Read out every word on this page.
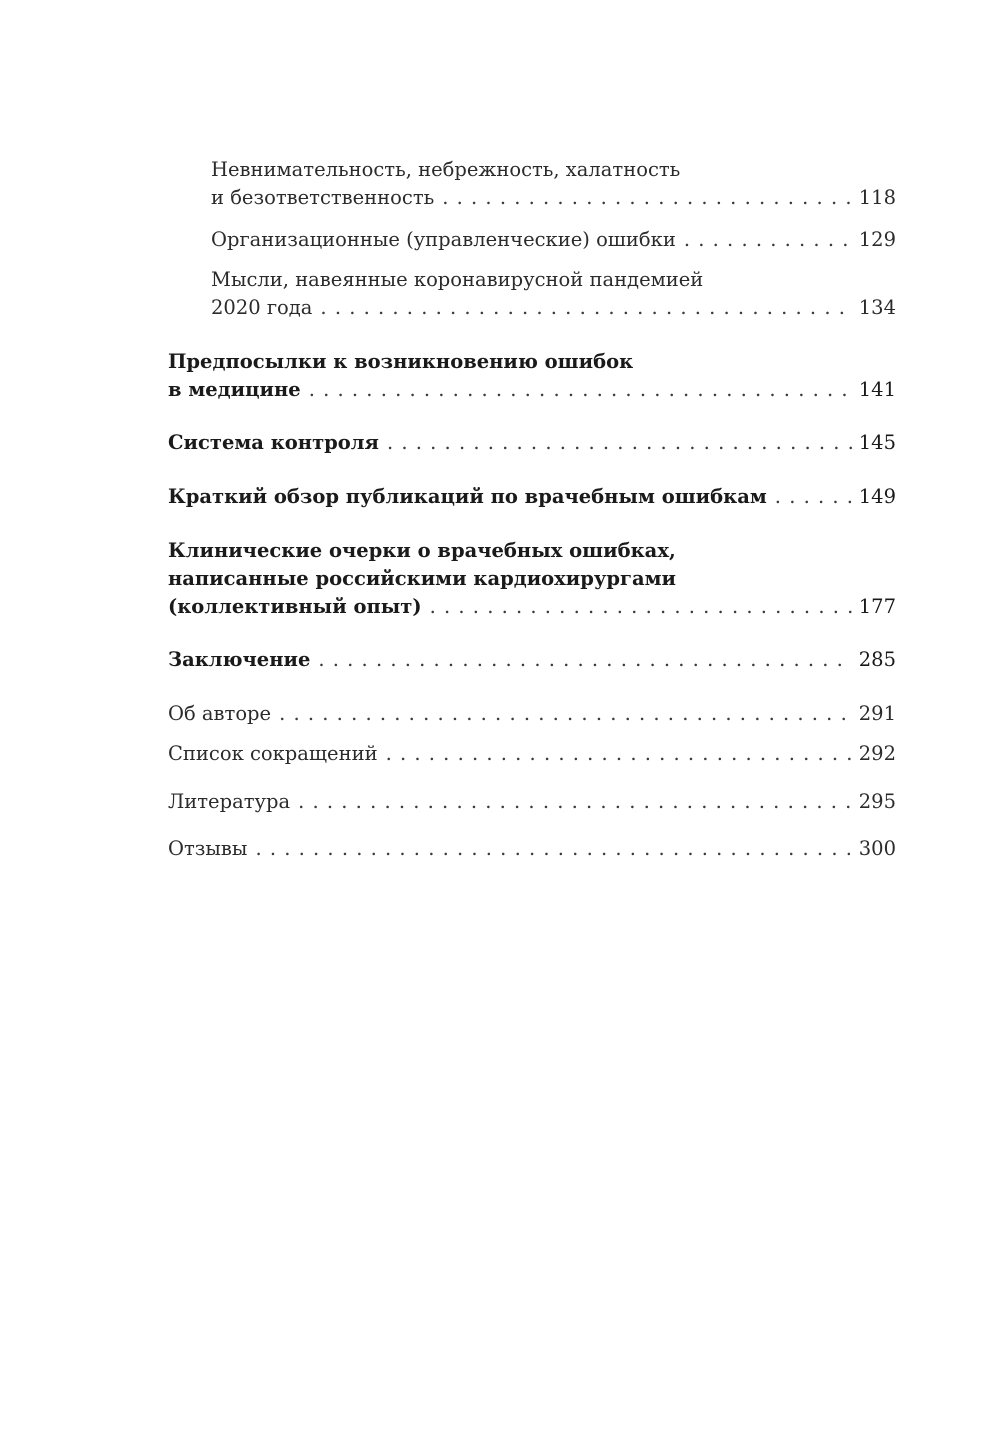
Невнимательность, небрежность, халатность
и безответственность . . .	118
Организационные (управленческие) ошибки . . .	129
Мысли, навеянные коронавирусной пандемией
2020 года . . .	134
Предпосылки к возникновению ошибок
в медицине . . .	141
Система контроля . . .	145
Краткий обзор публикаций по врачебным ошибкам . . .	149
Клинические очерки о врачебных ошибках,
написанные российскими кардиохирургами
(коллективный опыт) . . .	177
Заключение . . .	285
Об авторе . . .	291
Список сокращений . . .	292
Литература . . .	295
Отзывы . . .	300
